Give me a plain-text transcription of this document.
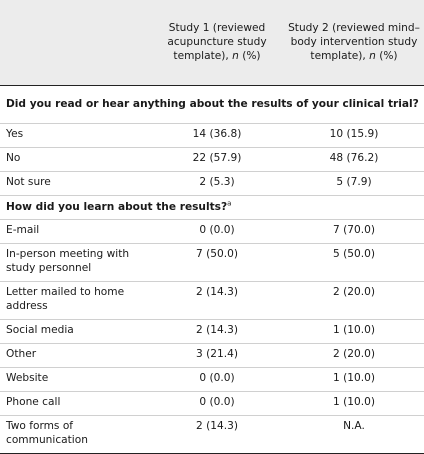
	Study 1 (reviewed acupuncture study template), n (%)	Study 2 (reviewed mind–body intervention study template), n (%)
Did you read or hear anything about the results of your clinical trial?		
Yes	14 (36.8)	10 (15.9)
No	22 (57.9)	48 (76.2)
Not sure	2 (5.3)	5 (7.9)
How did you learn about the results?$^a$
E-mail	0 (0.0)	7 (70.0)
In-person meeting with study personnel	7 (50.0)	5 (50.0)
Letter mailed to home address	2 (14.3)	2 (20.0)
Social media	2 (14.3)	1 (10.0)
Other	3 (21.4)	2 (20.0)
Website	0 (0.0)	1 (10.0)
Phone call	0 (0.0)	1 (10.0)
Two forms of communication	2 (14.3)	N.A.
